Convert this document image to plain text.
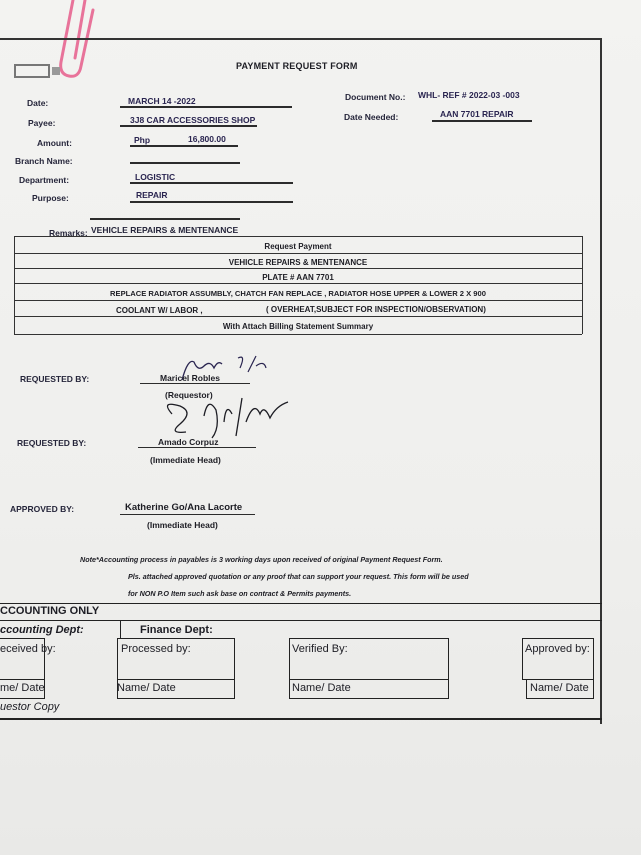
PAYMENT REQUEST FORM
Date:	MARCH 14 -2022
Payee:	3J8 CAR ACCESSORIES SHOP
Amount:	Php	16,800.00
Branch Name:
Department:	LOGISTIC
Purpose:	REPAIR
Document No.: WHL- REF # 2022-03 -003
Date Needed:	AAN 7701 REPAIR
Remarks: VEHICLE REPAIRS & MENTENANCE
Request Payment
VEHICLE REPAIRS & MENTENANCE
PLATE # AAN 7701
REPLACE RADIATOR ASSUMBLY, CHATCH FAN REPLACE , RADIATOR HOSE UPPER & LOWER 2 X 900
COOLANT W/ LABOR ,	( OVERHEAT,SUBJECT FOR INSPECTION/OBSERVATION)
With Attach Billing Statement Summary
REQUESTED BY:	Maricel Robles
(Requestor)
REQUESTED BY:	Amado Corpuz
(Immediate Head)
APPROVED BY:	Katherine Go/Ana Lacorte
(Immediate Head)
Note*Accounting process in payables is 3 working days upon received of original Payment Request Form.
Pls. attached approved quotation or any proof that can support your request. This form will be used
for NON P.O Item such ask base on contract & Permits payments.
CCOUNTING ONLY
ccounting Dept:	Finance Dept:
eceived by:
me/ Date
uestor Copy
Processed by:
Name/ Date
Verified By:
Name/ Date
Approved by:
Name/ Date
